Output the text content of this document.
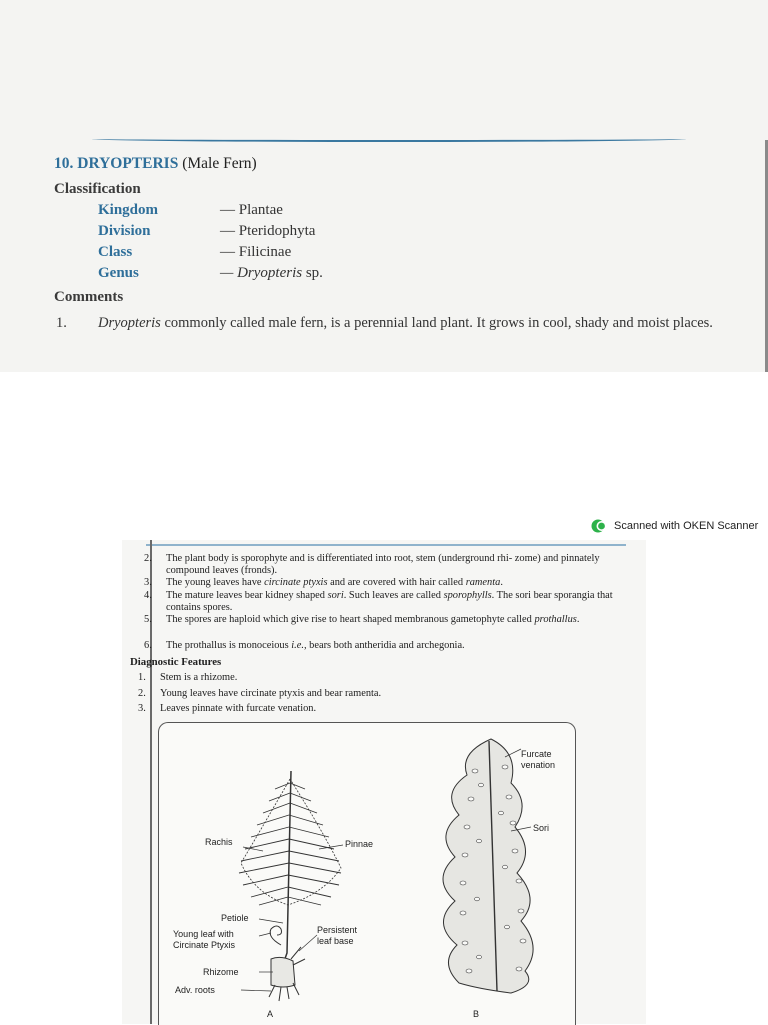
10. DRYOPTERIS (Male Fern)
Classification
Kingdom	— Plantae
Division	— Pteridophyta
Class	— Filicinae
Genus	— Dryopteris sp.
Comments
1. Dryopteris commonly called male fern, is a perennial land plant. It grows in cool, shady and moist places.
Scanned with OKEN Scanner
2. The plant body is sporophyte and is differentiated into root, stem (underground rhi- zome) and pinnately compound leaves (fronds).
3. The young leaves have circinate ptyxis and are covered with hair called ramenta.
4. The mature leaves bear kidney shaped sori. Such leaves are called sporophylls. The sori bear sporangia that contains spores.
5. The spores are haploid which give rise to heart shaped membranous gametophyte called prothallus.
6. The prothallus is monoceious i.e., bears both antheridia and archegonia.
Diagnostic Features
1. Stem is a rhizome.
2. Young leaves have circinate ptyxis and bear ramenta.
3. Leaves pinnate with furcate venation.
Rachis	Pinnae
Petiole
Young leaf with
Circinate Ptyxis
Persistent
leaf base
Rhizome
Adv. roots
A	B
Furcate
venation
Sori
